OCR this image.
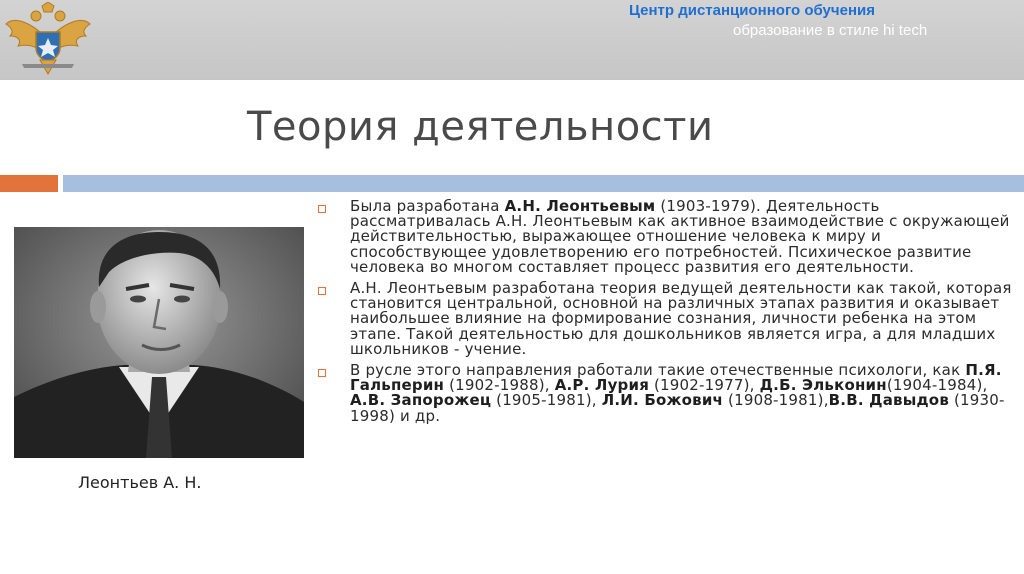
Центр дистанционного обучения
образование в стиле hi tech
Теория деятельности
Леонтьев А. Н.
Была разработана А.Н. Леонтьевым (1903-1979). Деятельность рассматривалась А.Н. Леонтьевым как активное взаимодействие с окружающей действительностью, выражающее отношение человека к миру и способствующее удовлетворению его потребностей. Психическое развитие человека во многом составляет процесс развития его деятельности.
А.Н. Леонтьевым разработана теория ведущей деятельности как такой, которая становится центральной, основной на различных этапах развития и оказывает наибольшее влияние на формирование сознания, личности ребенка на этом этапе. Такой деятельностью для дошкольников является игра, а для младших школьников - учение.
В русле этого направления работали такие отечественные психологи, как П.Я. Гальперин (1902-1988), А.Р. Лурия (1902-1977), Д.Б. Эльконин(1904-1984), А.В. Запорожец (1905-1981), Л.И. Божович (1908-1981),В.В. Давыдов (1930-1998) и др.
